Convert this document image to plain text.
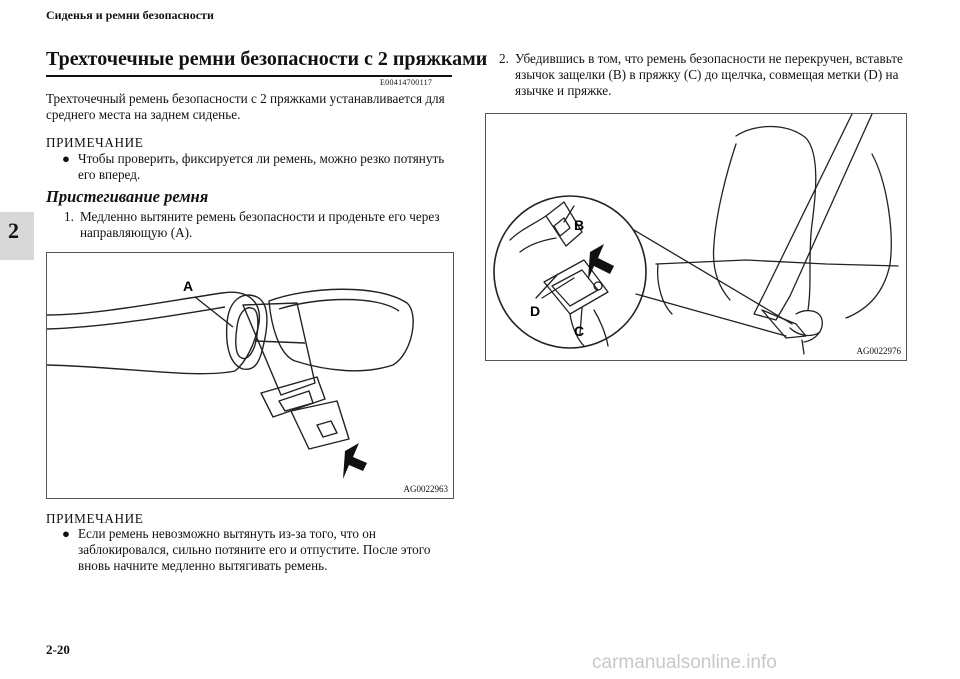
Сиденья и ремни безопасности
2
Трехточечные ремни безопасности с 2 пряжками
E00414700117
Трехточечный ремень безопасности с 2 пряжками устанавливается для среднего места на заднем сиденье.
ПРИМЕЧАНИЕ
● Чтобы проверить, фиксируется ли ремень, можно резко потянуть его вперед.
Пристегивание ремня
1. Медленно вытяните ремень безопасности и проденьте его через направляющую (A).
A
AG0022963
ПРИМЕЧАНИЕ
● Если ремень невозможно вытянуть из-за того, что он заблокировался, сильно потяните его и отпустите. После этого вновь начните медленно вытягивать ремень.
2. Убедившись в том, что ремень безопасности не перекручен, вставьте язычок защелки (B) в пряжку (C) до щелчка, совмещая метки (D) на язычке и пряжке.
B
C
D
AG0022976
2-20
carmanualsonline.info
